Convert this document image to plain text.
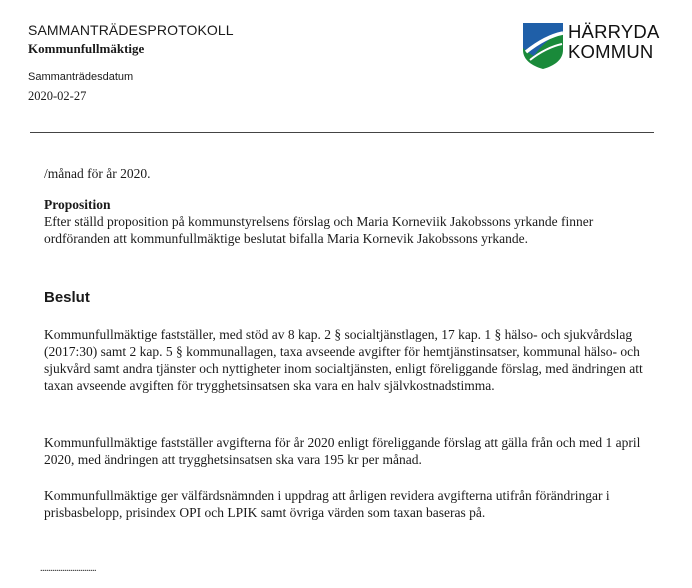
SAMMANTRÄDESPROTOKOLL
Kommunfullmäktige
Sammanträdesdatum
2020-02-27
HÄRRYDA
KOMMUN
/månad för år 2020.
Proposition
Efter ställd proposition på kommunstyrelsens förslag och Maria Korneviik Jakobssons yrkande finner ordföranden att kommunfullmäktige beslutat bifalla Maria Kornevik Jakobssons yrkande.
Beslut
Kommunfullmäktige fastställer, med stöd av 8 kap. 2 § socialtjänstlagen, 17 kap. 1 § hälso- och sjukvårdslag (2017:30) samt 2 kap. 5 § kommunallagen, taxa avseende avgifter för hemtjänstinsatser, kommunal hälso- och sjukvård samt andra tjänster och nyttigheter inom socialtjänsten, enligt föreliggande förslag, med ändringen att taxan avseende avgiften för trygghetsinsatsen ska vara en halv självkostnadstimma.
Kommunfullmäktige fastställer avgifterna för år 2020 enligt föreliggande förslag att gälla från och med 1 april 2020, med ändringen att trygghetsinsatsen ska vara 195 kr per månad.
Kommunfullmäktige ger välfärdsnämnden i uppdrag att årligen revidera avgifterna utifrån förändringar i prisbasbelopp, prisindex OPI och LPIK samt övriga värden som taxan baseras på.
............................
